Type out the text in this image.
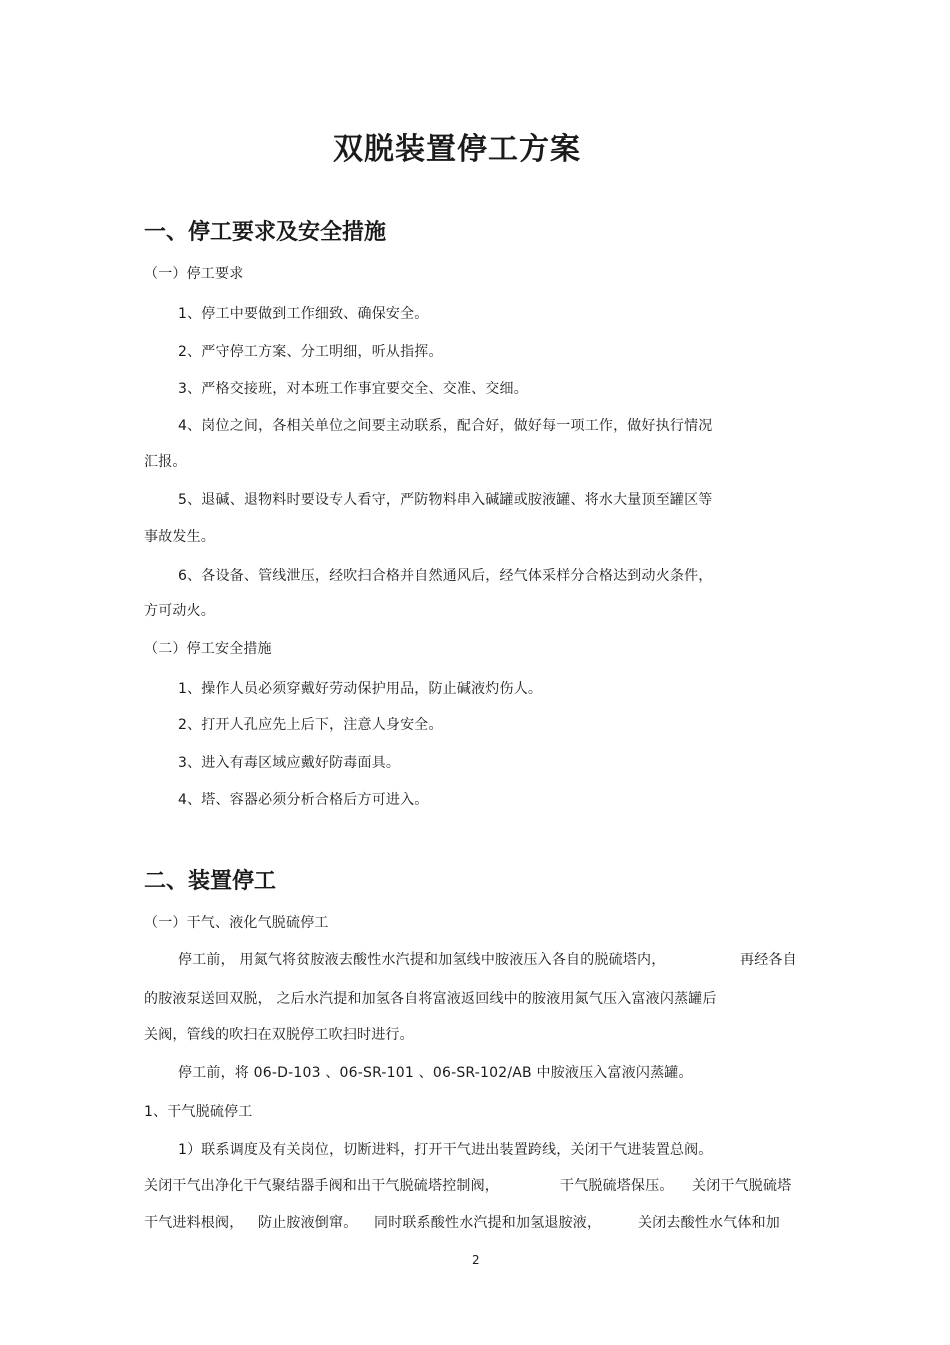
双脱装置停工方案
一、停工要求及安全措施

（一）停工要求

1、停工中要做到工作细致、确保安全。

2、严守停工方案、分工明细，听从指挥。

3、严格交接班，对本班工作事宜要交全、交准、交细。

4、岗位之间，各相关单位之间要主动联系，配合好，做好每一项工作，做好执行情况

汇报。

5、退碱、退物料时要设专人看守，严防物料串入碱罐或胺液罐、将水大量顶至罐区等

事故发生。

6、各设备、管线泄压，经吹扫合格并自然通风后，经气体采样分合格达到动火条件，

方可动火。

（二）停工安全措施

1、操作人员必须穿戴好劳动保护用品，防止碱液灼伤人。

2、打开人孔应先上后下，注意人身安全。

3、进入有毒区域应戴好防毒面具。

4、塔、容器必须分析合格后方可进入。

二、装置停工

（一）干气、液化气脱硫停工

停工前， 用氮气将贫胺液去酸性水汽提和加氢线中胺液压入各自的脱硫塔内，	再经各自

的胺液泵送回双脱， 之后水汽提和加氢各自将富液返回线中的胺液用氮气压入富液闪蒸罐后

关阀，管线的吹扫在双脱停工吹扫时进行。

停工前，将 06-D-103 、06-SR-101 、06-SR-102/AB 中胺液压入富液闪蒸罐。

1、干气脱硫停工

1）联系调度及有关岗位，切断进料，打开干气进出装置跨线，关闭干气进装置总阀。

关闭干气出净化干气聚结器手阀和出干气脱硫塔控制阀，	干气脱硫塔保压。 关闭干气脱硫塔

干气进料根阀， 防止胺液倒窜。 同时联系酸性水汽提和加氢退胺液，	关闭去酸性水气体和加

2
